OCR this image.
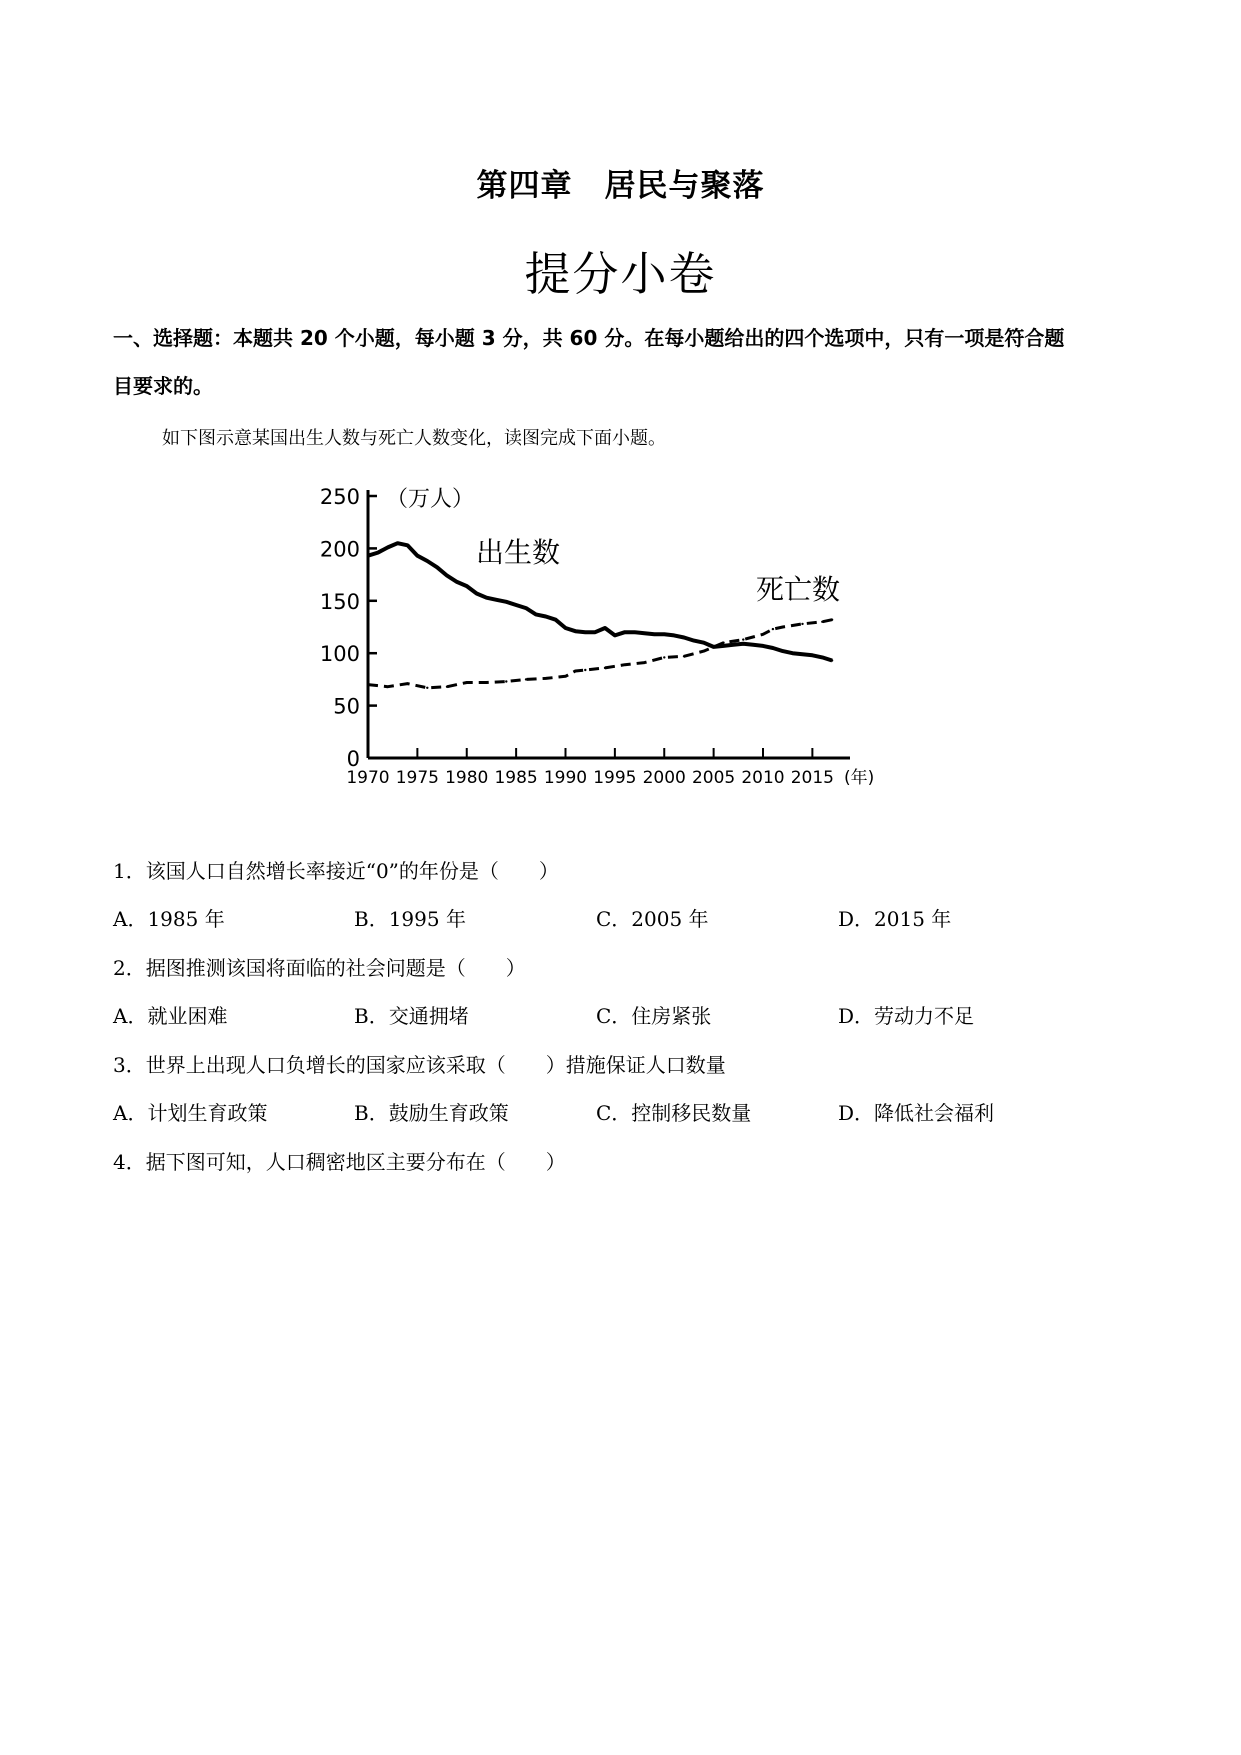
第四章　居民与聚落
提分小卷
一、选择题：本题共 20 个小题，每小题 3 分，共 60 分。在每小题给出的四个选项中，只有一项是符合题
目要求的。
如下图示意某国出生人数与死亡人数变化，读图完成下面小题。
0
50
100
150
200
250 （万人）
1970 1975 1980 1985 1990 1995 2000 2005 2010 2015 (年)
出生数
死亡数
1．该国人口自然增长率接近“0”的年份是（　　）
A．1985 年	B．1995 年	C．2005 年	D．2015 年
2．据图推测该国将面临的社会问题是（　　）
A．就业困难	B．交通拥堵	C．住房紧张	D．劳动力不足
3．世界上出现人口负增长的国家应该采取（　　）措施保证人口数量
A．计划生育政策	B．鼓励生育政策	C．控制移民数量	D．降低社会福利
4．据下图可知，人口稠密地区主要分布在（　　）
